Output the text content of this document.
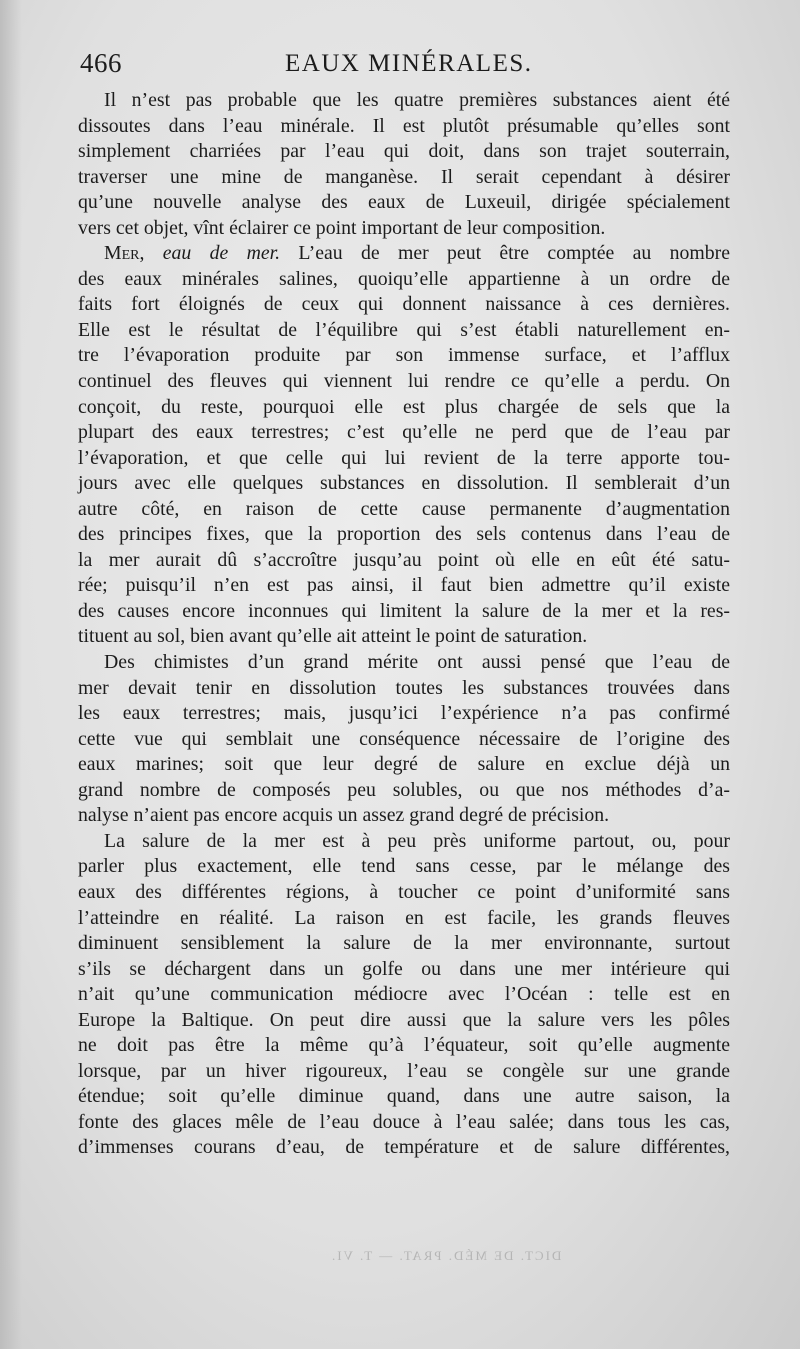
466	EAUX MINÉRALES.
Il n’est pas probable que les quatre premières substances aient été
dissoutes dans l’eau minérale. Il est plutôt présumable qu’elles sont
simplement charriées par l’eau qui doit, dans son trajet souterrain,
traverser une mine de manganèse. Il serait cependant à désirer
qu’une nouvelle analyse des eaux de Luxeuil, dirigée spécialement
vers cet objet, vînt éclairer ce point important de leur composition.
Mer, eau de mer. L’eau de mer peut être comptée au nombre
des eaux minérales salines, quoiqu’elle appartienne à un ordre de
faits fort éloignés de ceux qui donnent naissance à ces dernières.
Elle est le résultat de l’équilibre qui s’est établi naturellement en-
tre l’évaporation produite par son immense surface, et l’afflux
continuel des fleuves qui viennent lui rendre ce qu’elle a perdu. On
conçoit, du reste, pourquoi elle est plus chargée de sels que la
plupart des eaux terrestres; c’est qu’elle ne perd que de l’eau par
l’évaporation, et que celle qui lui revient de la terre apporte tou-
jours avec elle quelques substances en dissolution. Il semblerait d’un
autre côté, en raison de cette cause permanente d’augmentation
des principes fixes, que la proportion des sels contenus dans l’eau de
la mer aurait dû s’accroître jusqu’au point où elle en eût été satu-
rée; puisqu’il n’en est pas ainsi, il faut bien admettre qu’il existe
des causes encore inconnues qui limitent la salure de la mer et la res-
tituent au sol, bien avant qu’elle ait atteint le point de saturation.
Des chimistes d’un grand mérite ont aussi pensé que l’eau de
mer devait tenir en dissolution toutes les substances trouvées dans
les eaux terrestres; mais, jusqu’ici l’expérience n’a pas confirmé
cette vue qui semblait une conséquence nécessaire de l’origine des
eaux marines; soit que leur degré de salure en exclue déjà un
grand nombre de composés peu solubles, ou que nos méthodes d’a-
nalyse n’aient pas encore acquis un assez grand degré de précision.
La salure de la mer est à peu près uniforme partout, ou, pour
parler plus exactement, elle tend sans cesse, par le mélange des
eaux des différentes régions, à toucher ce point d’uniformité sans
l’atteindre en réalité. La raison en est facile, les grands fleuves
diminuent sensiblement la salure de la mer environnante, surtout
s’ils se déchargent dans un golfe ou dans une mer intérieure qui
n’ait qu’une communication médiocre avec l’Océan : telle est en
Europe la Baltique. On peut dire aussi que la salure vers les pôles
ne doit pas être la même qu’à l’équateur, soit qu’elle augmente
lorsque, par un hiver rigoureux, l’eau se congèle sur une grande
étendue; soit qu’elle diminue quand, dans une autre saison, la
fonte des glaces mêle de l’eau douce à l’eau salée; dans tous les cas,
d’immenses courans d’eau, de température et de salure différentes,
DICT. DE MÉD. PRAT. — T. VI.
